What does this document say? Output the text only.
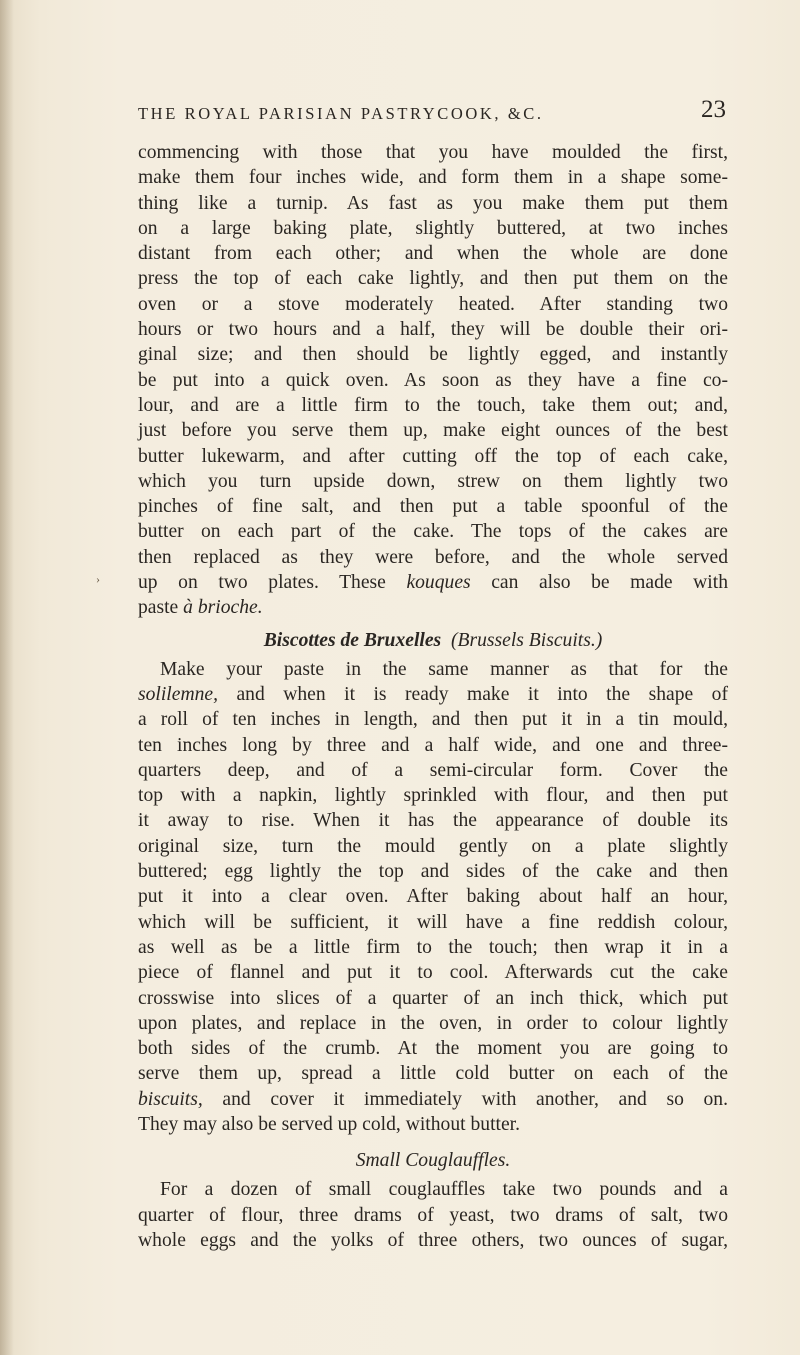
THE ROYAL PARISIAN PASTRYCOOK, &C.	23
›
commencing with those that you have moulded the first,
make them four inches wide, and form them in a shape some-
thing like a turnip. As fast as you make them put them
on a large baking plate, slightly buttered, at two inches
distant from each other; and when the whole are done
press the top of each cake lightly, and then put them on the
oven or a stove moderately heated. After standing two
hours or two hours and a half, they will be double their ori-
ginal size; and then should be lightly egged, and instantly
be put into a quick oven. As soon as they have a fine co-
lour, and are a little firm to the touch, take them out; and,
just before you serve them up, make eight ounces of the best
butter lukewarm, and after cutting off the top of each cake,
which you turn upside down, strew on them lightly two
pinches of fine salt, and then put a table spoonful of the
butter on each part of the cake. The tops of the cakes are
then replaced as they were before, and the whole served
up on two plates. These kouques can also be made with
paste à brioche.
Biscottes de Bruxelles (Brussels Biscuits.)
Make your paste in the same manner as that for the
solilemne, and when it is ready make it into the shape of
a roll of ten inches in length, and then put it in a tin mould,
ten inches long by three and a half wide, and one and three-
quarters deep, and of a semi-circular form. Cover the
top with a napkin, lightly sprinkled with flour, and then put
it away to rise. When it has the appearance of double its
original size, turn the mould gently on a plate slightly
buttered; egg lightly the top and sides of the cake and then
put it into a clear oven. After baking about half an hour,
which will be sufficient, it will have a fine reddish colour,
as well as be a little firm to the touch; then wrap it in a
piece of flannel and put it to cool. Afterwards cut the cake
crosswise into slices of a quarter of an inch thick, which put
upon plates, and replace in the oven, in order to colour lightly
both sides of the crumb. At the moment you are going to
serve them up, spread a little cold butter on each of the
biscuits, and cover it immediately with another, and so on.
They may also be served up cold, without butter.
Small Couglauffles.
For a dozen of small couglauffles take two pounds and a
quarter of flour, three drams of yeast, two drams of salt, two
whole eggs and the yolks of three others, two ounces of sugar,
